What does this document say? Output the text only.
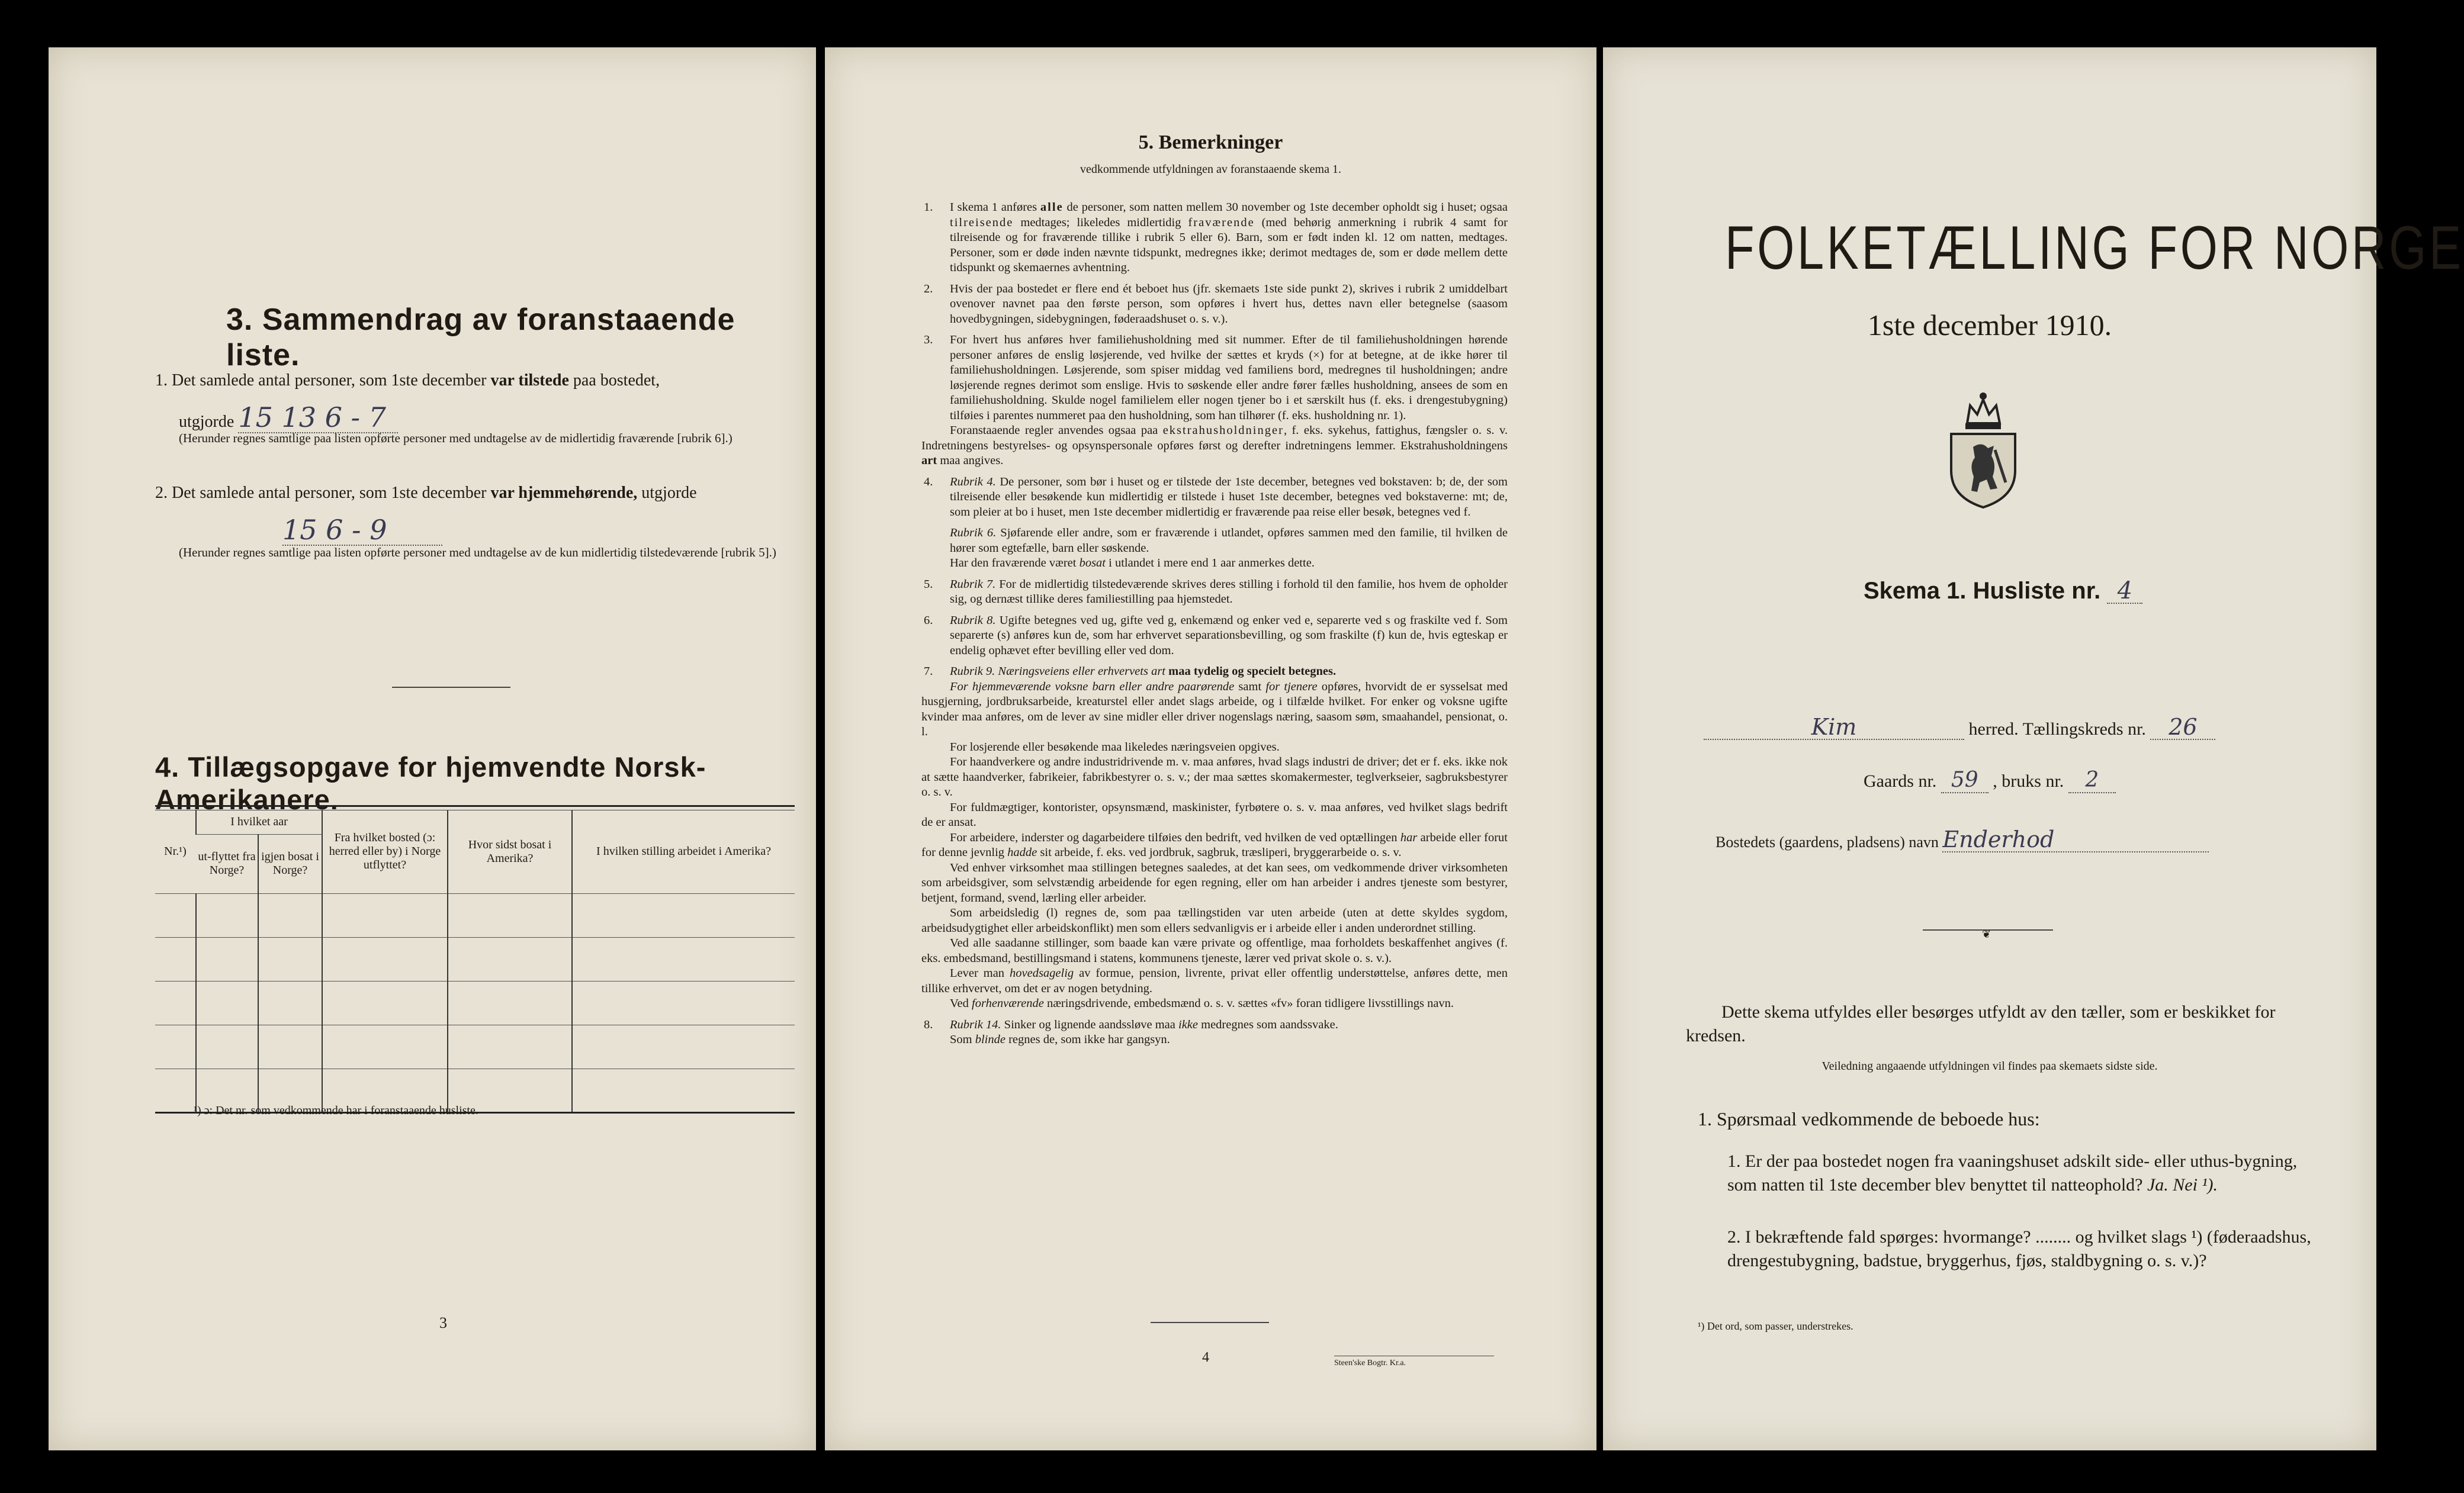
3. Sammendrag av foranstaaende liste.
1. Det samlede antal personer, som 1ste december var tilstede paa bostedet,
utgjorde 15 13 6 - 7
(Herunder regnes samtlige paa listen opførte personer med undtagelse av de midlertidig fraværende [rubrik 6].)
2. Det samlede antal personer, som 1ste december var hjemmehørende, utgjorde
15 6 - 9
(Herunder regnes samtlige paa listen opførte personer med undtagelse av de kun midlertidig tilstedeværende [rubrik 5].)
4. Tillægsopgave for hjemvendte Norsk-Amerikanere.
Nr.¹)	I hvilket aar		Fra hvilket bosted (ɔ: herred eller by) i Norge utflyttet?	Hvor sidst bosat i Amerika?	I hvilken stilling arbeidet i Amerika?
	ut-flyttet fra Norge?	igjen bosat i Norge?			

¹) ɔ: Det nr. som vedkommende har i foranstaaende husliste.
3
5. Bemerkninger
vedkommende utfyldningen av foranstaaende skema 1.

1. I skema 1 anføres alle de personer, som natten mellem 30 november og 1ste december opholdt sig i huset; ogsaa tilreisende medtages; likeledes midlertidig fraværende (med behørig anmerkning i rubrik 4 samt for tilreisende og for fraværende tillike i rubrik 5 eller 6). Barn, som er født inden kl. 12 om natten, medtages. Personer, som er døde inden nævnte tidspunkt, medregnes ikke; derimot medtages de, som er døde mellem dette tidspunkt og skemaernes avhentning.

2. Hvis der paa bostedet er flere end ét beboet hus (jfr. skemaets 1ste side punkt 2), skrives i rubrik 2 umiddelbart ovenover navnet paa den første person, som opføres i hvert hus, dettes navn eller betegnelse (saasom hovedbygningen, sidebygningen, føderaadshuset o. s. v.).

3. For hvert hus anføres hver familiehusholdning med sit nummer. Efter de til familiehusholdningen hørende personer anføres de enslig løsjerende, ved hvilke der sættes et kryds (×) for at betegne, at de ikke hører til familiehusholdningen. Løsjerende, som spiser middag ved familiens bord, medregnes til husholdningen; andre løsjerende regnes derimot som enslige. Hvis to søskende eller andre fører fælles husholdning, ansees de som en familiehusholdning. Skulde nogel familielem eller nogen tjener bo i et særskilt hus (f. eks. i drengestubygning) tilføies i parentes nummeret paa den husholdning, som han tilhører (f. eks. husholdning nr. 1).

Foranstaaende regler anvendes ogsaa paa ekstrahusholdninger, f. eks. sykehus, fattighus, fængsler o. s. v. Indretningens bestyrelses- og opsynspersonale opføres først og derefter indretningens lemmer. Ekstrahusholdningens art maa angives.

4. Rubrik 4. De personer, som bør i huset og er tilstede der 1ste december, betegnes ved bokstaven: b; de, der som tilreisende eller besøkende kun midlertidig er tilstede i huset 1ste december, betegnes ved bokstaverne: mt; de, som pleier at bo i huset, men 1ste december midlertidig er fraværende paa reise eller besøk, betegnes ved f.

Rubrik 6. Sjøfarende eller andre, som er fraværende i utlandet, opføres sammen med den familie, til hvilken de hører som egtefælle, barn eller søskende.

Har den fraværende været bosat i utlandet i mere end 1 aar anmerkes dette.

5. Rubrik 7. For de midlertidig tilstedeværende skrives deres stilling i forhold til den familie, hos hvem de opholder sig, og dernæst tillike deres familiestilling paa hjemstedet.

6. Rubrik 8. Ugifte betegnes ved ug, gifte ved g, enkemænd og enker ved e, separerte ved s og fraskilte ved f. Som separerte (s) anføres kun de, som har erhvervet separationsbevilling, og som fraskilte (f) kun de, hvis egteskap er endelig ophævet efter bevilling eller ved dom.

7. Rubrik 9. Næringsveiens eller erhvervets art maa tydelig og specielt betegnes.

For hjemmeværende voksne barn eller andre paarørende samt for tjenere opføres, hvorvidt de er sysselsat med husgjerning, jordbruksarbeide, kreaturstel eller andet slags arbeide, og i tilfælde hvilket. For enker og voksne ugifte kvinder maa anføres, om de lever av sine midler eller driver nogenslags næring, saasom søm, smaahandel, pensionat, o. l.

For losjerende eller besøkende maa likeledes næringsveien opgives.

For haandverkere og andre industridrivende m. v. maa anføres, hvad slags industri de driver; det er f. eks. ikke nok at sætte haandverker, fabrikeier, fabrikbestyrer o. s. v.; der maa sættes skomakermester, teglverkseier, sagbruksbestyrer o. s. v.

For fuldmægtiger, kontorister, opsynsmænd, maskinister, fyrbøtere o. s. v. maa anføres, ved hvilket slags bedrift de er ansat.

For arbeidere, inderster og dagarbeidere tilføies den bedrift, ved hvilken de ved optællingen har arbeide eller forut for denne jevnlig hadde sit arbeide, f. eks. ved jordbruk, sagbruk, træsliperi, bryggerarbeide o. s. v.

Ved enhver virksomhet maa stillingen betegnes saaledes, at det kan sees, om vedkommende driver virksomheten som arbeidsgiver, som selvstændig arbeidende for egen regning, eller om han arbeider i andres tjeneste som bestyrer, betjent, formand, svend, lærling eller arbeider.

Som arbeidsledig (l) regnes de, som paa tællingstiden var uten arbeide (uten at dette skyldes sygdom, arbeidsudygtighet eller arbeidskonflikt) men som ellers sedvanligvis er i arbeide eller i anden underordnet stilling.

Ved alle saadanne stillinger, som baade kan være private og offentlige, maa forholdets beskaffenhet angives (f. eks. embedsmand, bestillingsmand i statens, kommunens tjeneste, lærer ved privat skole o. s. v.).

Lever man hovedsagelig av formue, pension, livrente, privat eller offentlig understøttelse, anføres dette, men tillike erhvervet, om det er av nogen betydning.

Ved forhenværende næringsdrivende, embedsmænd o. s. v. sættes «fv» foran tidligere livsstillings navn.

8. Rubrik 14. Sinker og lignende aandssløve maa ikke medregnes som aandssvake.

Som blinde regnes de, som ikke har gangsyn.

4	Steen'ske Bogtr. Kr.a.
FOLKETÆLLING FOR NORGE
1ste december 1910.
Skema 1. Husliste nr. 4
Kim	herred. Tællingskreds nr. 26
Gaards nr. 59 , bruks nr. 2
Bostedets (gaardens, pladsens) navn Enderhod
❦
Dette skema utfyldes eller besørges utfyldt av den tæller, som er beskikket for kredsen.
Veiledning angaaende utfyldningen vil findes paa skemaets sidste side.
1. Spørsmaal vedkommende de beboede hus:
1. Er der paa bostedet nogen fra vaaningshuset adskilt side- eller uthus-bygning, som natten til 1ste december blev benyttet til natteophold? Ja. Nei ¹).
2. I bekræftende fald spørges: hvormange? ........ og hvilket slags ¹) (føderaadshus, drengestubygning, badstue, bryggerhus, fjøs, staldbygning o. s. v.)?
¹) Det ord, som passer, understrekes.
